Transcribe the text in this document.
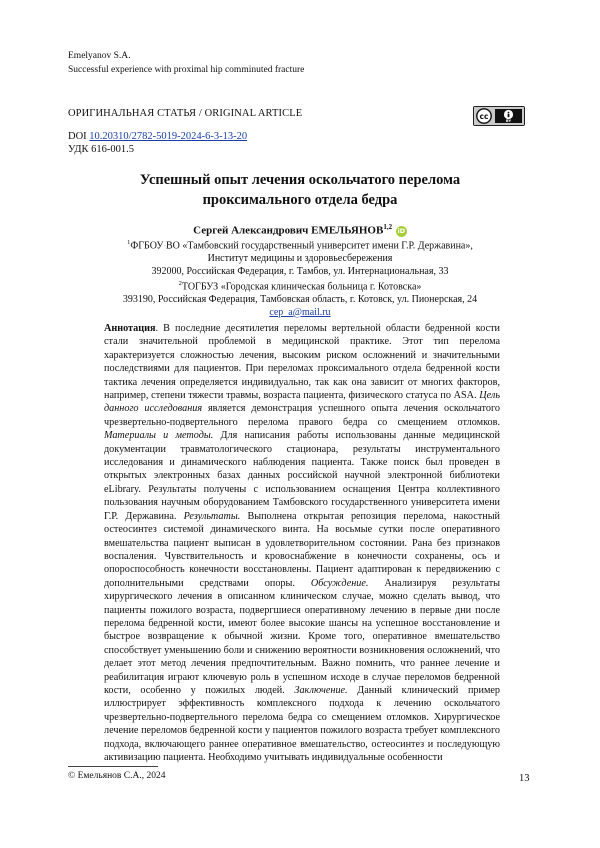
Emelyanov S.A.
Successful experience with proximal hip comminuted fracture
ОРИГИНАЛЬНАЯ СТАТЬЯ / ORIGINAL ARTICLE	cc
BY
DOI 10.20310/2782-5019-2024-6-3-13-20
УДК 616-001.5
Успешный опыт лечения оскольчатого перелома
проксимального отдела бедра
Сергей Александрович ЕМЕЛЬЯНОВ$^{1,2}$ iD
$^1$ФГБОУ ВО «Тамбовский государственный университет имени Г.Р. Державина»,
Институт медицины и здоровьесбережения
392000, Российская Федерация, г. Тамбов, ул. Интернациональная, 33
$^2$ТОГБУЗ «Городская клиническая больница г. Котовска»
393190, Российская Федерация, Тамбовская область, г. Котовск, ул. Пионерская, 24
cep_a@mail.ru

Аннотация. В последние десятилетия переломы вертельной области бедренной кости стали значительной проблемой в медицинской практике. Этот тип перелома характеризуется сложностью лечения, высоким риском осложнений и значительными последствиями для пациентов. При переломах проксимального отдела бедренной кости тактика лечения определяется индивидуально, так как она зависит от многих факторов, например, степени тяжести травмы, возраста пациента, физического статуса по ASA. Цель данного исследования является демонстрация успешного опыта лечения оскольчатого чрезвертельно-подвертельного перелома правого бедра со смещением отломков. Материалы и методы. Для написания работы использованы данные медицинской документации травматологического стационара, результаты инструментального исследования и динамического наблюдения пациента. Также поиск был проведен в открытых электронных базах данных российской научной электронной библиотеки eLibrary. Результаты получены с использованием оснащения Центра коллективного пользования научным оборудованием Тамбовского государственного университета имени Г.Р. Державина. Результаты. Выполнена открытая репозиция перелома, накостный остеосинтез системой динамического винта. На восьмые сутки после оперативного вмешательства пациент выписан в удовлетворительном состоянии. Рана без признаков воспаления. Чувствительность и кровоснабжение в конечности сохранены, ось и опороспособность конечности восстановлены. Пациент адаптирован к передвижению с дополнительными средствами опоры. Обсуждение. Анализируя результаты хирургического лечения в описанном клиническом случае, можно сделать вывод, что пациенты пожилого возраста, подвергшиеся оперативному лечению в первые дни после перелома бедренной кости, имеют более высокие шансы на успешное восстановление и быстрое возвращение к обычной жизни. Кроме того, оперативное вмешательство способствует уменьшению боли и снижению вероятности возникновения осложнений, что делает этот метод лечения предпочтительным. Важно помнить, что раннее лечение и реабилитация играют ключевую роль в успешном исходе в случае переломов бедренной кости, особенно у пожилых людей. Заключение. Данный клинический пример иллюстрирует эффективность комплексного подхода к лечению оскольчатого чрезвертельно-подвертельного перелома бедра со смещением отломков. Хирургическое лечение переломов бедренной кости у пациентов пожилого возраста требует комплексного подхода, включающего раннее оперативное вмешательство, остеосинтез и последующую активизацию пациента. Необходимо учитывать индивидуальные особенности

© Емельянов С.А., 2024	13
